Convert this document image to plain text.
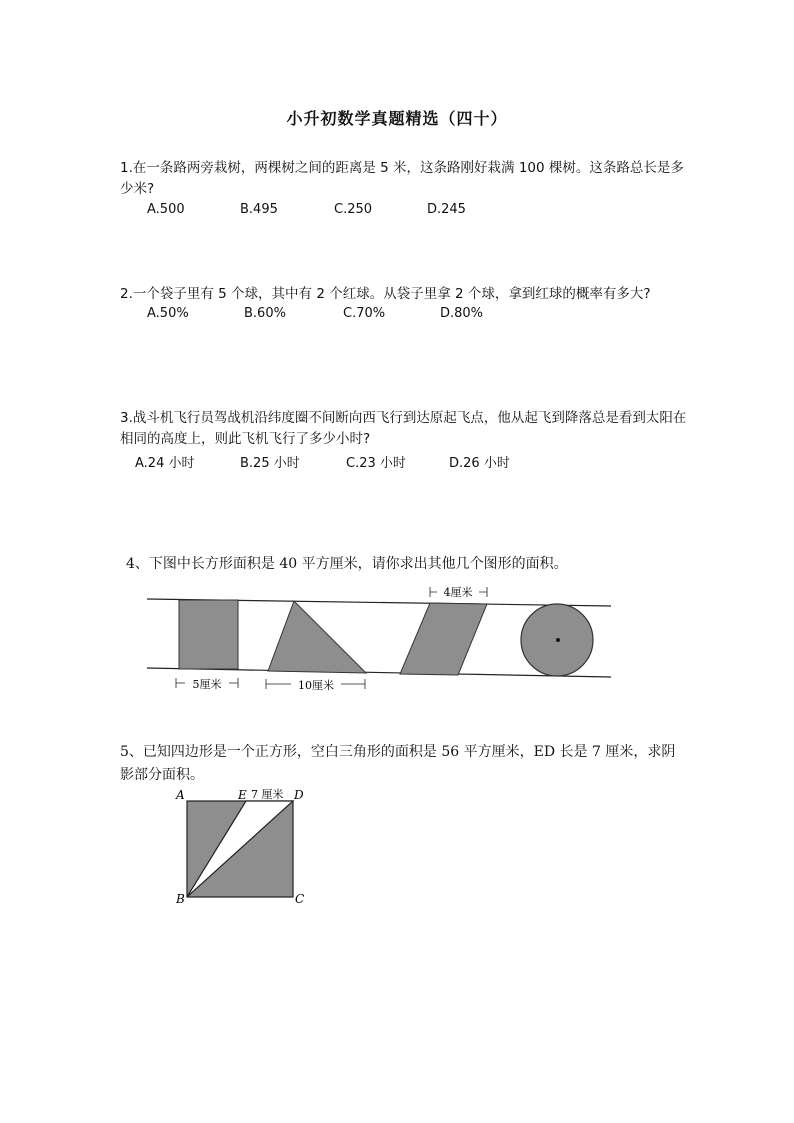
小升初数学真题精选（四十）
1.在一条路两旁栽树，两棵树之间的距离是 5 米，这条路刚好栽满 100 棵树。这条路总长是多少米?
A.500	B.495	C.250	D.245
2.一个袋子里有 5 个球，其中有 2 个红球。从袋子里拿 2 个球，拿到红球的概率有多大?
A.50%	B.60%	C.70%	D.80%
3.战斗机飞行员驾战机沿纬度圈不间断向西飞行到达原起飞点，他从起飞到降落总是看到太阳在相同的高度上，则此飞机飞行了多少小时?
A.24 小时	B.25 小时	C.23 小时	D.26 小时
4、下图中长方形面积是 40 平方厘米，请你求出其他几个图形的面积。
4厘米
5厘米	10厘米
5、已知四边形是一个正方形，空白三角形的面积是 56 平方厘米，ED 长是 7 厘米，求阴影部分面积。
A	E 7 厘米 D
B	C
